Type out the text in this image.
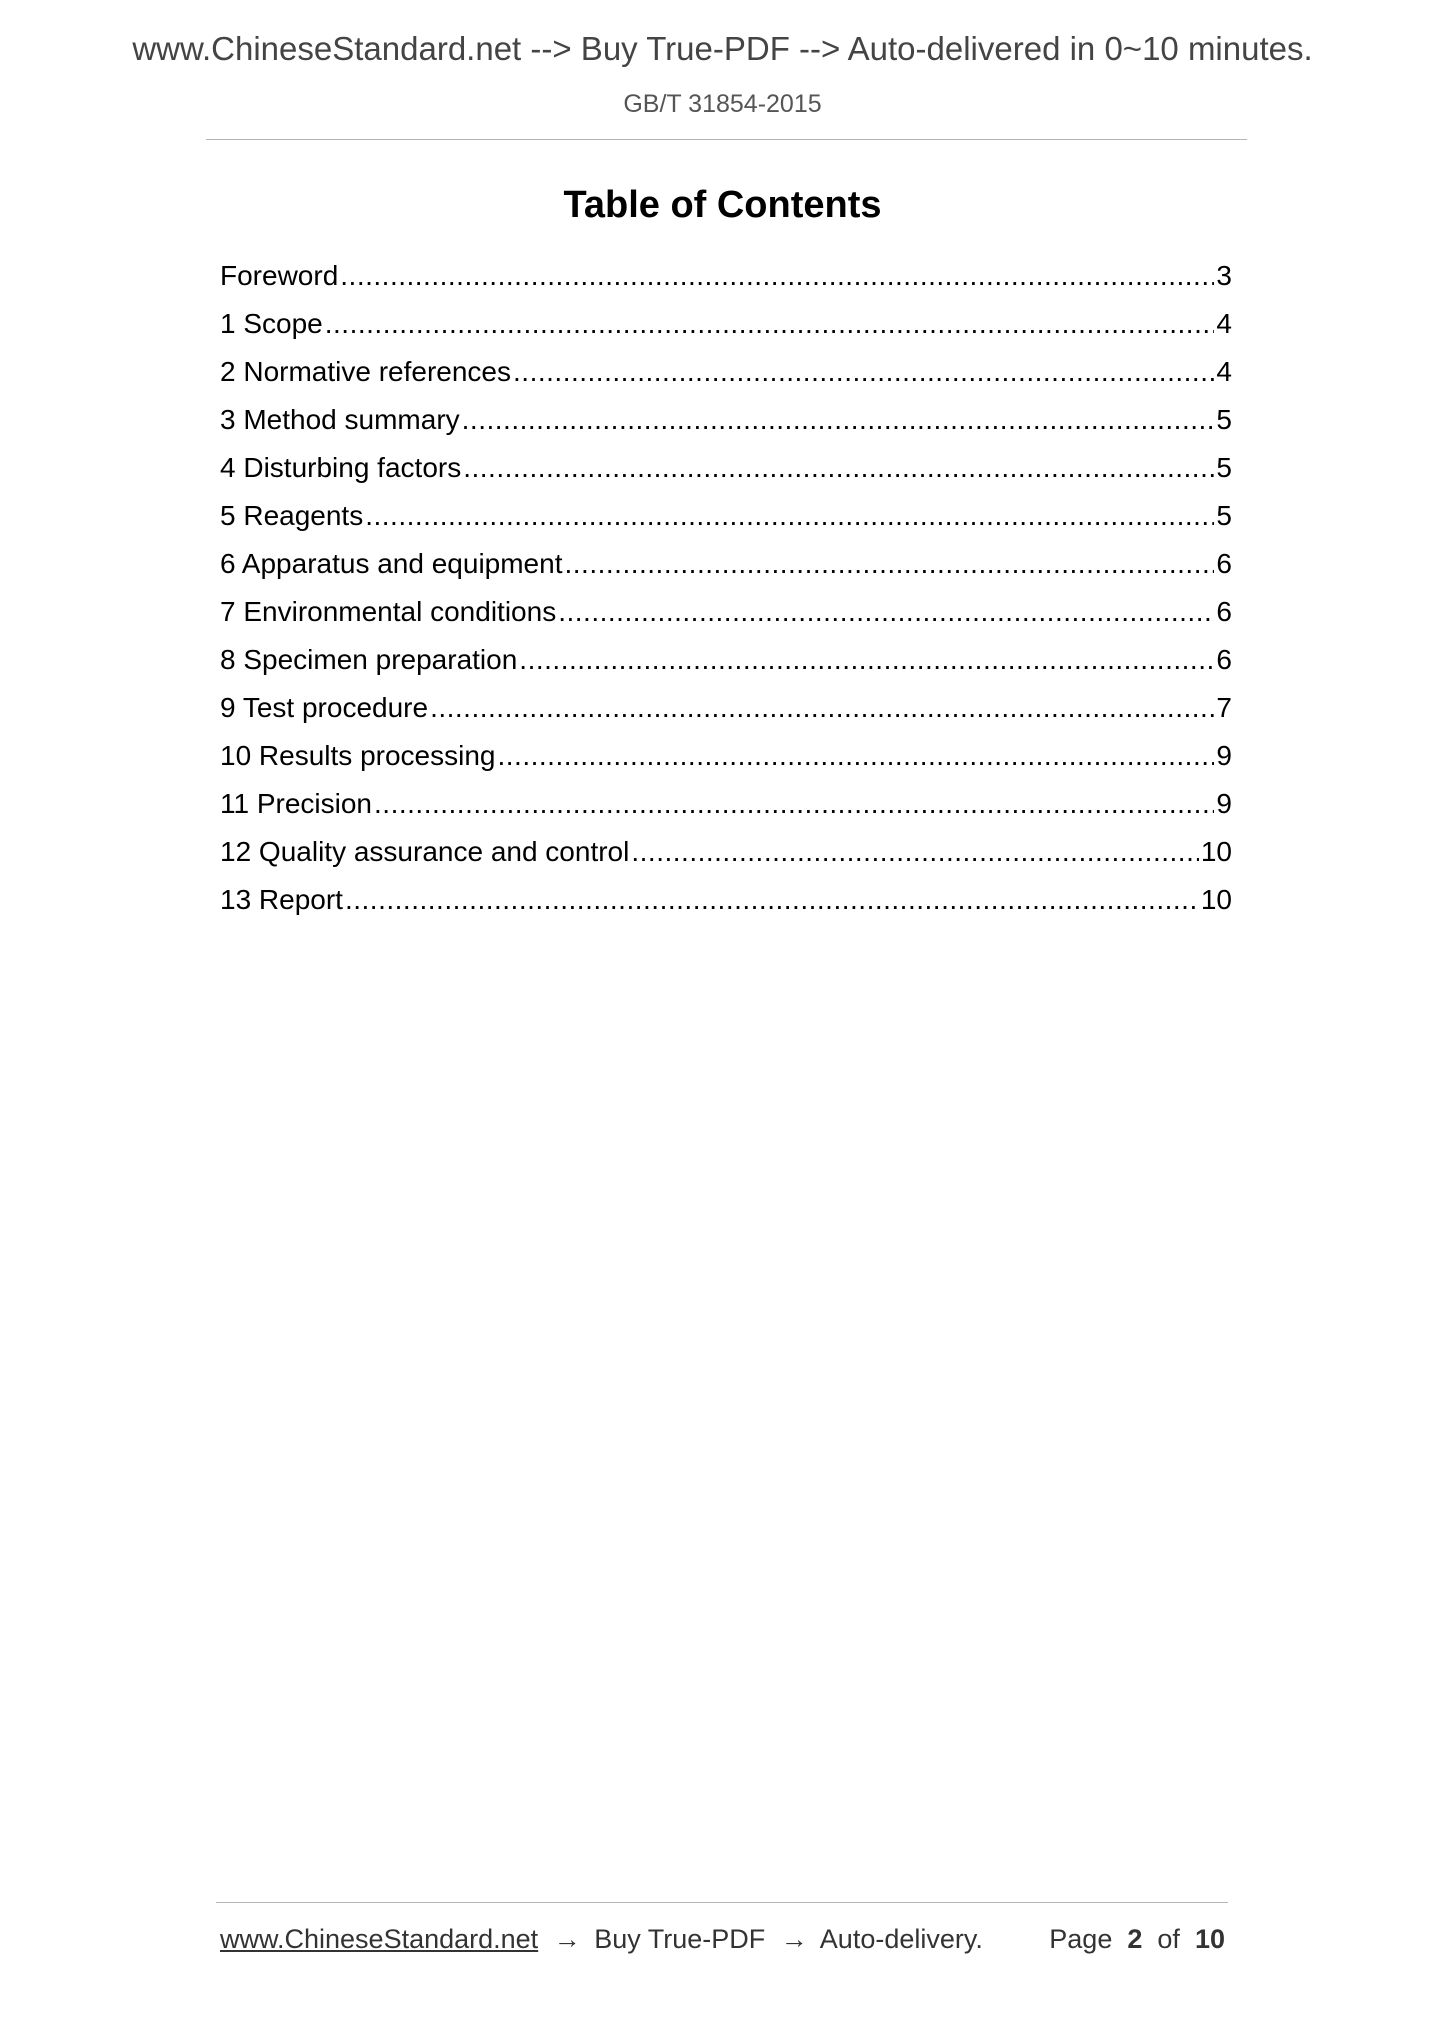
www.ChineseStandard.net --> Buy True-PDF --> Auto-delivered in 0~10 minutes.
GB/T 31854-2015
Table of Contents
Foreword .....	3
1 Scope .....	4
2 Normative references .....	4
3 Method summary .....	5
4 Disturbing factors .....	5
5 Reagents .....	5
6 Apparatus and equipment .....	6
7 Environmental conditions .....	6
8 Specimen preparation .....	6
9 Test procedure .....	7
10 Results processing .....	9
11 Precision .....	9
12 Quality assurance and control .....	10
13 Report .....	10
www.ChineseStandard.net → Buy True-PDF → Auto-delivery. Page 2 of 10
